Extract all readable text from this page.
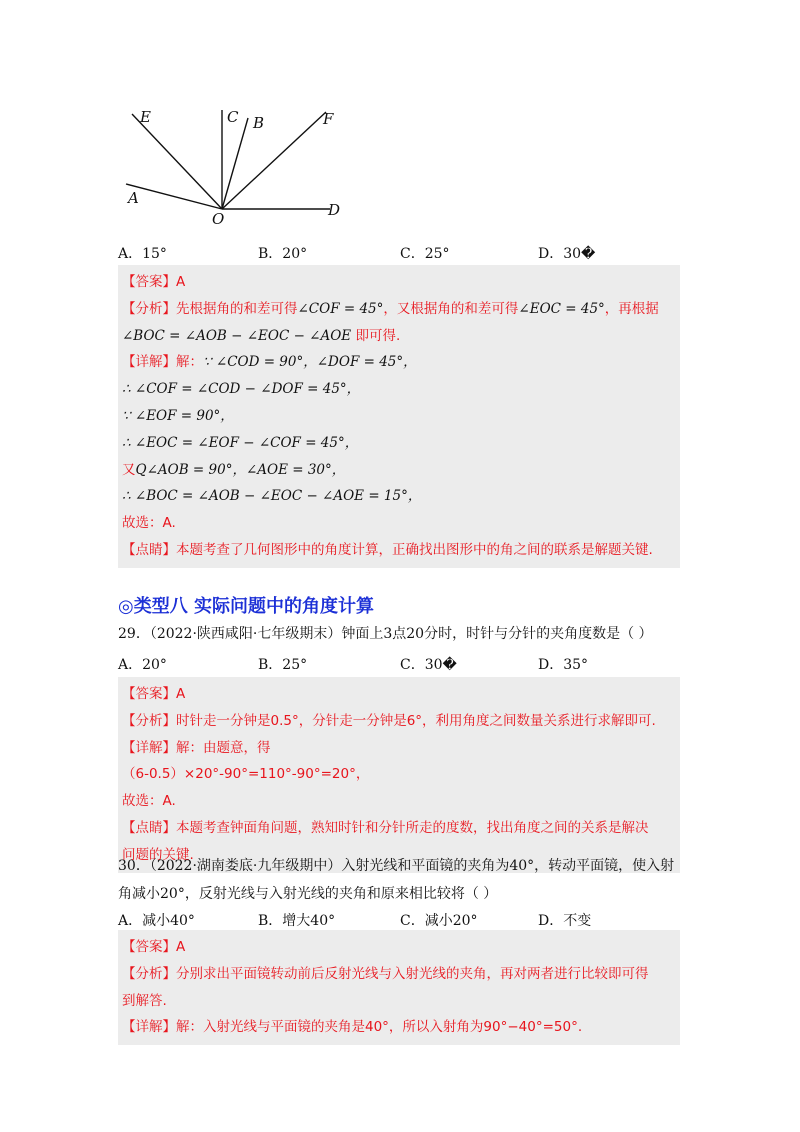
E	C B	F
A
O	D
A．15°	B．20°	C．25°	D．30�
【答案】A
【分析】先根据角的和差可得∠COF = 45°，又根据角的和差可得∠EOC = 45°，再根据
∠BOC = ∠AOB − ∠EOC − ∠AOE 即可得.
【详解】解：∵ ∠COD = 90°，∠DOF = 45°，
∴ ∠COF = ∠COD − ∠DOF = 45°，
∵ ∠EOF = 90°，
∴ ∠EOC = ∠EOF − ∠COF = 45°，
又Q∠AOB = 90°，∠AOE = 30°，
∴ ∠BOC = ∠AOB − ∠EOC − ∠AOE = 15°，
故选：A.
【点睛】本题考查了几何图形中的角度计算，正确找出图形中的角之间的联系是解题关键.
◎类型八 实际问题中的角度计算
29．（2022·陕西咸阳·七年级期末）钟面上3点20分时，时针与分针的夹角度数是（ ）
A．20°	B．25°	C．30�	D．35°
【答案】A
【分析】时针走一分钟是0.5°，分针走一分钟是6°，利用角度之间数量关系进行求解即可.
【详解】解：由题意，得
（6-0.5）×20°-90°=110°-90°=20°，
故选：A.
【点睛】本题考查钟面角问题，熟知时针和分针所走的度数，找出角度之间的关系是解决
问题的关键.
30．（2022·湖南娄底·九年级期中）入射光线和平面镜的夹角为40°，转动平面镜，使入射
角减小20°，反射光线与入射光线的夹角和原来相比较将（ ）
A．减小40°	B．增大40°	C．减小20°	D．不变
【答案】A
【分析】分别求出平面镜转动前后反射光线与入射光线的夹角，再对两者进行比较即可得
到解答.
【详解】解：入射光线与平面镜的夹角是40°，所以入射角为90°−40°=50°.
